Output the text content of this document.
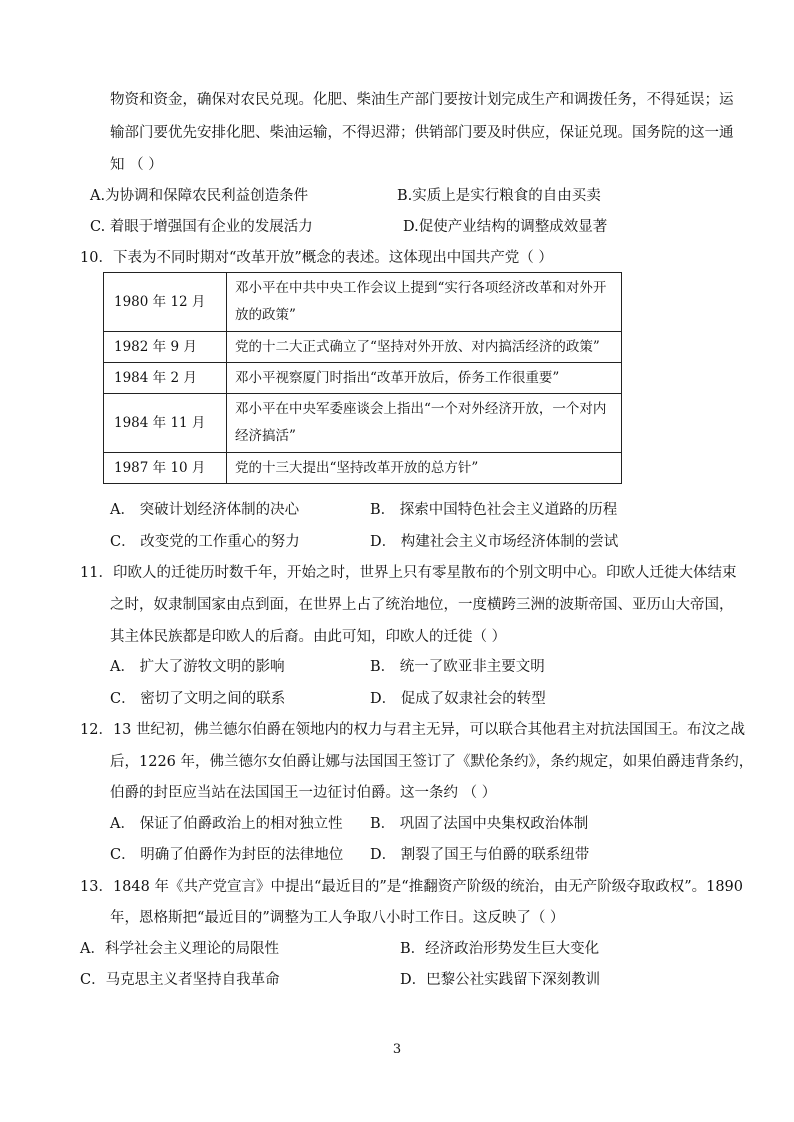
物资和资金，确保对农民兑现。化肥、柴油生产部门要按计划完成生产和调拨任务，不得延误；运
输部门要优先安排化肥、柴油运输，不得迟滞；供销部门要及时供应，保证兑现。国务院的这一通
知 （ ）
A.为协调和保障农民利益创造条件	B.实质上是实行粮食的自由买卖
C. 着眼于增强国有企业的发展活力	D.促使产业结构的调整成效显著
10．下表为不同时期对“改革开放”概念的表述。这体现出中国共产党（ ）
1980 年 12 月	邓小平在中共中央工作会议上提到“实行各项经济改革和对外开放的政策”
1982 年 9 月	党的十二大正式确立了“坚持对外开放、对内搞活经济的政策”
1984 年 2 月	邓小平视察厦门时指出“改革开放后，侨务工作很重要”
1984 年 11 月	邓小平在中央军委座谈会上指出“一个对外经济开放，一个对内经济搞活”
1987 年 10 月	党的十三大提出“坚持改革开放的总方针”
A． 突破计划经济体制的决心	B． 探索中国特色社会主义道路的历程
C． 改变党的工作重心的努力	D． 构建社会主义市场经济体制的尝试
11．印欧人的迁徙历时数千年，开始之时，世界上只有零星散布的个别文明中心。印欧人迁徙大体结束
之时，奴隶制国家由点到面，在世界上占了统治地位，一度横跨三洲的波斯帝国、亚历山大帝国，
其主体民族都是印欧人的后裔。由此可知，印欧人的迁徙（ ）
A． 扩大了游牧文明的影响	B． 统一了欧亚非主要文明
C． 密切了文明之间的联系	D． 促成了奴隶社会的转型
12．13 世纪初，佛兰德尔伯爵在领地内的权力与君主无异，可以联合其他君主对抗法国国王。布汶之战
后，1226 年，佛兰德尔女伯爵让娜与法国国王签订了《默伦条约》，条约规定，如果伯爵违背条约，
伯爵的封臣应当站在法国国王一边征讨伯爵。这一条约 （ ）
A． 保证了伯爵政治上的相对独立性 B． 巩固了法国中央集权政治体制
C． 明确了伯爵作为封臣的法律地位 D． 割裂了国王与伯爵的联系纽带
13．1848 年《共产党宣言》中提出“最近目的”是“推翻资产阶级的统治，由无产阶级夺取政权”。1890
年，恩格斯把“最近目的”调整为工人争取八小时工作日。这反映了（ ）
A．科学社会主义理论的局限性	B．经济政治形势发生巨大变化
C．马克思主义者坚持自我革命	D．巴黎公社实践留下深刻教训
3
